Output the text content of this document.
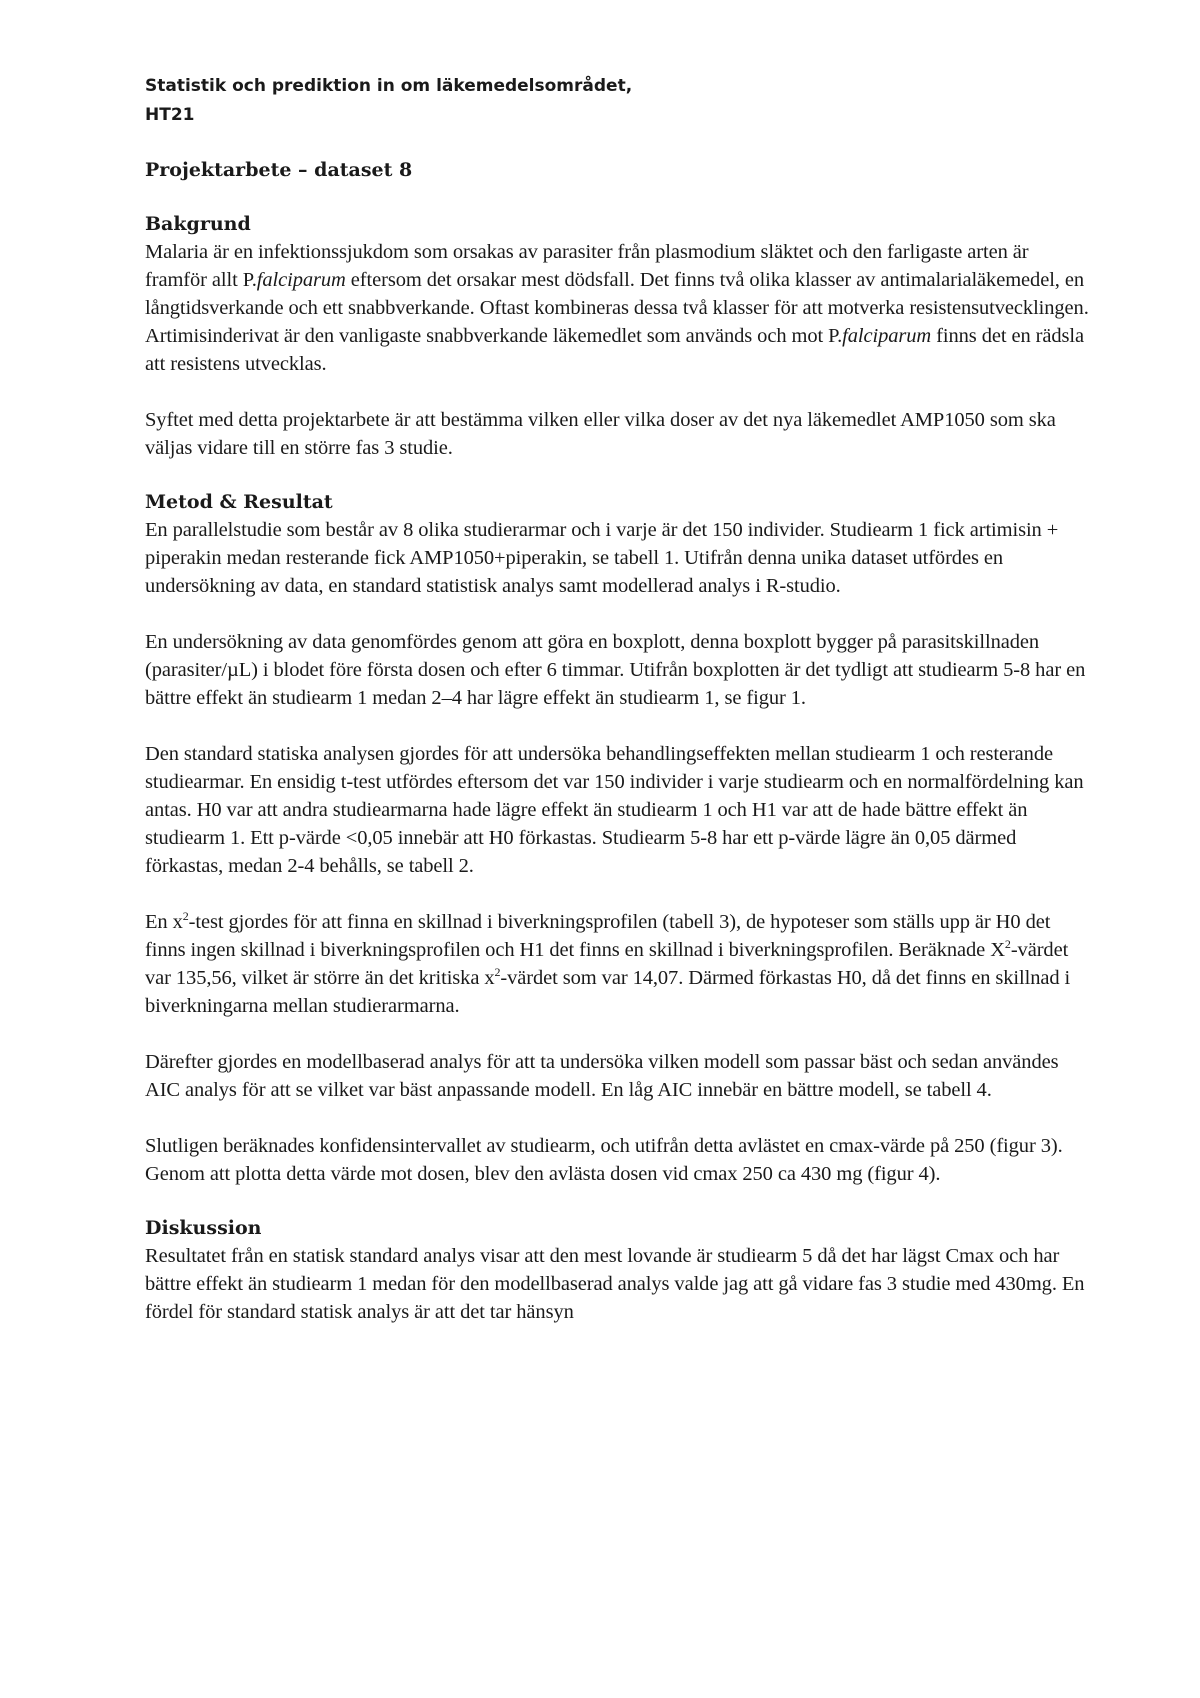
Statistik och prediktion in om läkemedelsområdet,
HT21
Projektarbete – dataset 8
Bakgrund

Malaria är en infektionssjukdom som orsakas av parasiter från plasmodium släktet och den farligaste arten är framför allt P.falciparum eftersom det orsakar mest dödsfall. Det finns två olika klasser av antimalarialäkemedel, en långtidsverkande och ett snabbverkande. Oftast kombineras dessa två klasser för att motverka resistensutvecklingen. Artimisinderivat är den vanligaste snabbverkande läkemedlet som används och mot P.falciparum finns det en rädsla att resistens utvecklas.

Syftet med detta projektarbete är att bestämma vilken eller vilka doser av det nya läkemedlet AMP1050 som ska väljas vidare till en större fas 3 studie.

Metod & Resultat

En parallelstudie som består av 8 olika studierarmar och i varje är det 150 individer. Studiearm 1 fick artimisin + piperakin medan resterande fick AMP1050+piperakin, se tabell 1. Utifrån denna unika dataset utfördes en undersökning av data, en standard statistisk analys samt modellerad analys i R-studio.

En undersökning av data genomfördes genom att göra en boxplott, denna boxplott bygger på parasitskillnaden (parasiter/µL) i blodet före första dosen och efter 6 timmar. Utifrån boxplotten är det tydligt att studiearm 5-8 har en bättre effekt än studiearm 1 medan 2–4 har lägre effekt än studiearm 1, se figur 1.

Den standard statiska analysen gjordes för att undersöka behandlingseffekten mellan studiearm 1 och resterande studiearmar. En ensidig t-test utfördes eftersom det var 150 individer i varje studiearm och en normalfördelning kan antas. H0 var att andra studiearmarna hade lägre effekt än studiearm 1 och H1 var att de hade bättre effekt än studiearm 1. Ett p-värde <0,05 innebär att H0 förkastas. Studiearm 5-8 har ett p-värde lägre än 0,05 därmed förkastas, medan 2-4 behålls, se tabell 2.

En $x^2$-test gjordes för att finna en skillnad i biverkningsprofilen (tabell 3), de hypoteser som ställs upp är H0 det finns ingen skillnad i biverkningsprofilen och H1 det finns en skillnad i biverkningsprofilen. Beräknade $X^2$-värdet var 135,56, vilket är större än det kritiska $x^2$-värdet som var 14,07. Därmed förkastas H0, då det finns en skillnad i biverkningarna mellan studierarmarna.

Därefter gjordes en modellbaserad analys för att ta undersöka vilken modell som passar bäst och sedan användes AIC analys för att se vilket var bäst anpassande modell. En låg AIC innebär en bättre modell, se tabell 4.

Slutligen beräknades konfidensintervallet av studiearm, och utifrån detta avlästet en cmax-värde på 250 (figur 3). Genom att plotta detta värde mot dosen, blev den avlästa dosen vid cmax 250 ca 430 mg (figur 4).

Diskussion

Resultatet från en statisk standard analys visar att den mest lovande är studiearm 5 då det har lägst Cmax och har bättre effekt än studiearm 1 medan för den modellbaserad analys valde jag att gå vidare fas 3 studie med 430mg. En fördel för standard statisk analys är att det tar hänsyn
